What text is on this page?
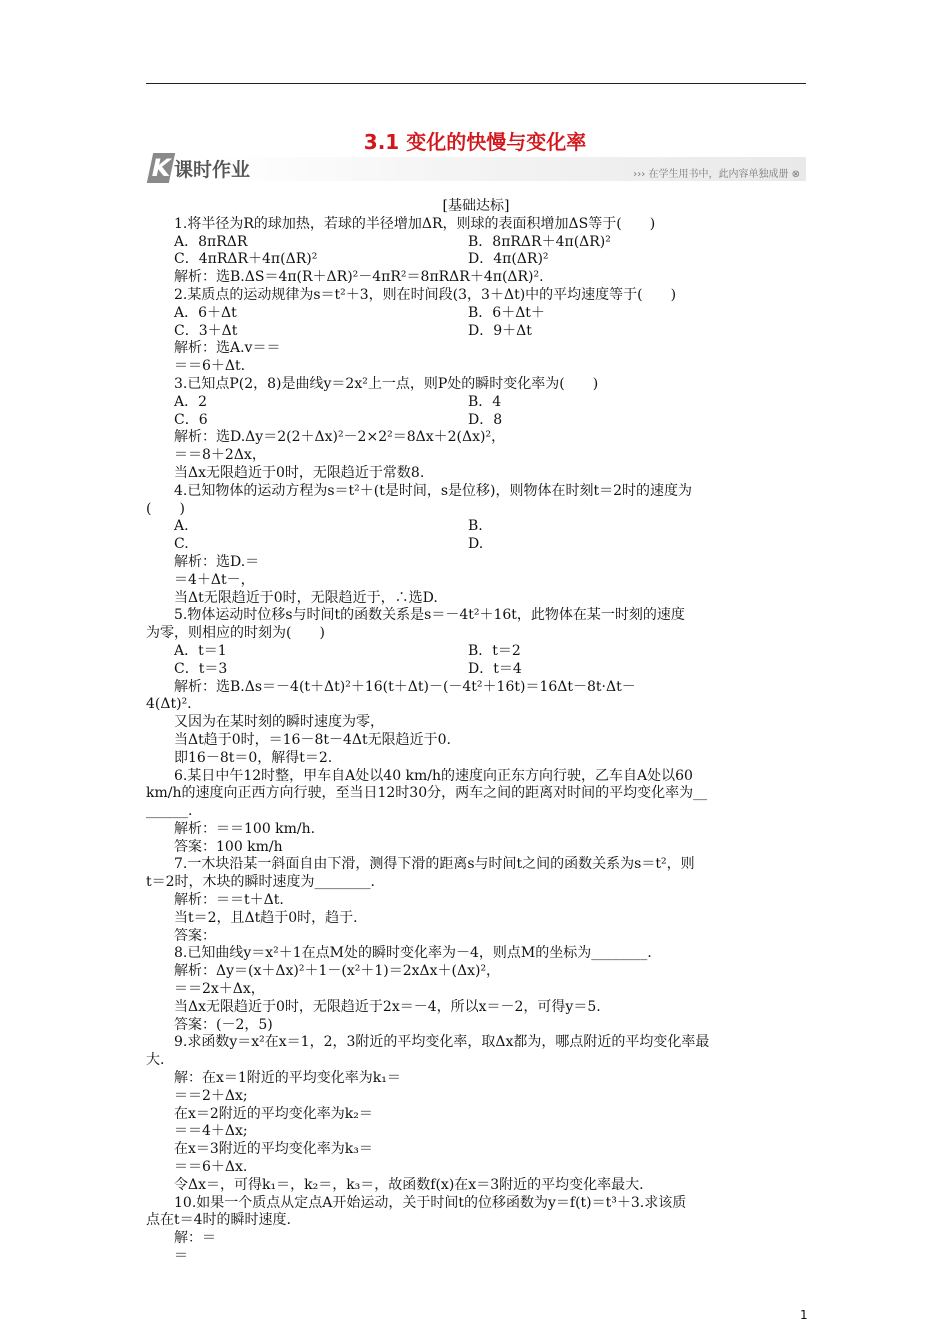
3.1 变化的快慢与变化率
K 课时作业	››› 在学生用书中，此内容单独成册 ⊗
[基础达标]
1.将半径为R的球加热，若球的半径增加ΔR，则球的表面积增加ΔS等于(　　)
A．8πRΔR	B．8πRΔR＋4π(ΔR)²
C．4πRΔR＋4π(ΔR)²	D．4π(ΔR)²
解析：选B.ΔS＝4π(R＋ΔR)²－4πR²＝8πRΔR＋4π(ΔR)².
2.某质点的运动规律为s＝t²＋3，则在时间段(3，3＋Δt)中的平均速度等于(　　)
A．6＋Δt	B．6＋Δt＋
C．3＋Δt	D．9＋Δt
解析：选A.v＝＝
＝＝6＋Δt.
3.已知点P(2，8)是曲线y＝2x²上一点，则P处的瞬时变化率为(　　)
A．2	B．4
C．6	D．8
解析：选D.Δy＝2(2＋Δx)²－2×2²＝8Δx＋2(Δx)²，
＝＝8＋2Δx，
当Δx无限趋近于0时，无限趋近于常数8.
4.已知物体的运动方程为s＝t²＋(t是时间，s是位移)，则物体在时刻t＝2时的速度为
(　　)
A.	B.
C.	D.
解析：选D.＝
＝4＋Δt－，
当Δt无限趋近于0时，无限趋近于，∴选D.
5.物体运动时位移s与时间t的函数关系是s＝－4t²＋16t，此物体在某一时刻的速度
为零，则相应的时刻为(　　)
A．t＝1	B．t＝2
C．t＝3	D．t＝4
解析：选B.Δs＝－4(t＋Δt)²＋16(t＋Δt)－(－4t²＋16t)＝16Δt－8t·Δt－
4(Δt)².
又因为在某时刻的瞬时速度为零，
当Δt趋于0时，＝16－8t－4Δt无限趋近于0.
即16－8t＝0，解得t＝2.
6.某日中午12时整，甲车自A处以40 km/h的速度向正东方向行驶，乙车自A处以60
km/h的速度向正西方向行驶，至当日12时30分，两车之间的距离对时间的平均变化率为__
______.
解析：＝＝100 km/h.
答案：100 km/h
7.一木块沿某一斜面自由下滑，测得下滑的距离s与时间t之间的函数关系为s＝t²，则
t＝2时，木块的瞬时速度为________.
解析：＝＝t＋Δt.
当t＝2，且Δt趋于0时，趋于.
答案：
8.已知曲线y＝x²＋1在点M处的瞬时变化率为－4，则点M的坐标为________.
解析：Δy＝(x＋Δx)²＋1－(x²＋1)＝2xΔx＋(Δx)²，
＝＝2x＋Δx，
当Δx无限趋近于0时，无限趋近于2x＝－4，所以x＝－2，可得y＝5.
答案：(－2，5)
9.求函数y＝x²在x＝1，2，3附近的平均变化率，取Δx都为，哪点附近的平均变化率最
大.
解：在x＝1附近的平均变化率为k₁＝
＝＝2＋Δx;
在x＝2附近的平均变化率为k₂＝
＝＝4＋Δx;
在x＝3附近的平均变化率为k₃＝
＝＝6＋Δx.
令Δx＝，可得k₁＝，k₂＝，k₃＝，故函数f(x)在x＝3附近的平均变化率最大.
10.如果一个质点从定点A开始运动，关于时间t的位移函数为y＝f(t)＝t³＋3.求该质
点在t＝4时的瞬时速度.
解：＝
＝
1
